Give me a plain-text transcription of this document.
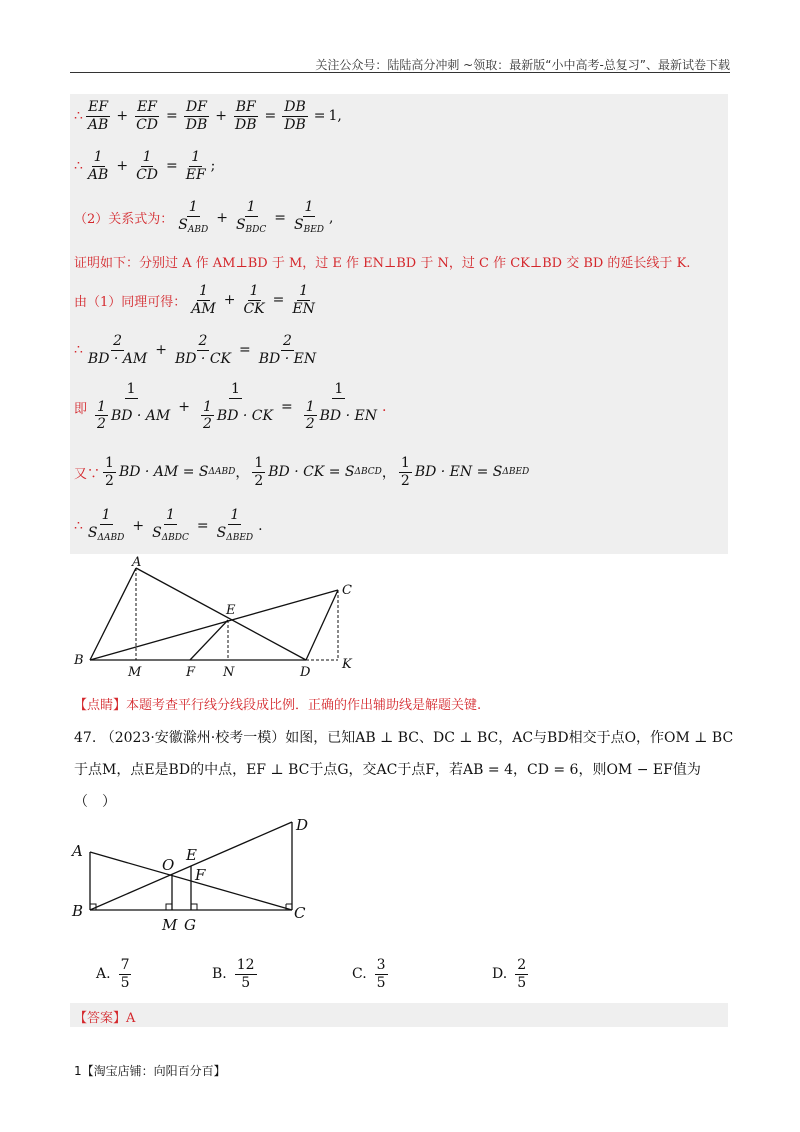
关注公众号：陆陆高分冲刺 ~领取：最新版“小中高考-总复习”、最新试卷下载
∴ $\frac{EF}{AB} + \frac{EF}{CD} = \frac{DF}{DB} + \frac{BF}{DB} = \frac{DB}{DB} = 1$ ,
∴ $\frac{1}{AB} + \frac{1}{CD} = \frac{1}{EF}$ ;
（2）关系式为： $\frac{1}{S_{ABD}} + \frac{1}{S_{BDC}} = \frac{1}{S_{BED}}$ ,
证明如下：分别过 A 作 AM⊥BD 于 M，过 E 作 EN⊥BD 于 N，过 C 作 CK⊥BD 交 BD 的延长线于 K.
由（1）同理可得： $\frac{1}{AM} + \frac{1}{CK} = \frac{1}{EN}$
∴ $\frac{2}{BD \cdot AM} + \frac{2}{BD \cdot CK} = \frac{2}{BD \cdot EN}$
即 $\frac{1}{\frac{1}{2} BD \cdot AM} + \frac{1}{\frac{1}{2} BD \cdot CK} = \frac{1}{\frac{1}{2} BD \cdot EN}$ .
又∵ $\frac{1}{2}$ BD · AM = S ΔABD ， $\frac{1}{2}$ BD · CK = S ΔBCD ， $\frac{1}{2}$ BD · EN = S ΔBED
∴ $\frac{1}{S_{\Delta ABD}} + \frac{1}{S_{\Delta BDC}} = \frac{1}{S_{\Delta BED}}$ .
A
B
C
D
E
F
K
M	N
【点睛】本题考查平行线分线段成比例．正确的作出辅助线是解题关键.
47. （2023·安徽滁州·校考一模）如图，已知AB ⊥ BC、DC ⊥ BC，AC与BD相交于点O，作OM ⊥ BC于点M，点E是BD的中点，EF ⊥ BC于点G，交AC于点F，若AB = 4，CD = 6，则OM − EF值为（　）
A
B	C
D
E
F
O
M G
A. $\frac{7}{5}$	B. $\frac{12}{5}$	C. $\frac{3}{5}$	D. $\frac{2}{5}$
【答案】A
1【淘宝店铺：向阳百分百】
